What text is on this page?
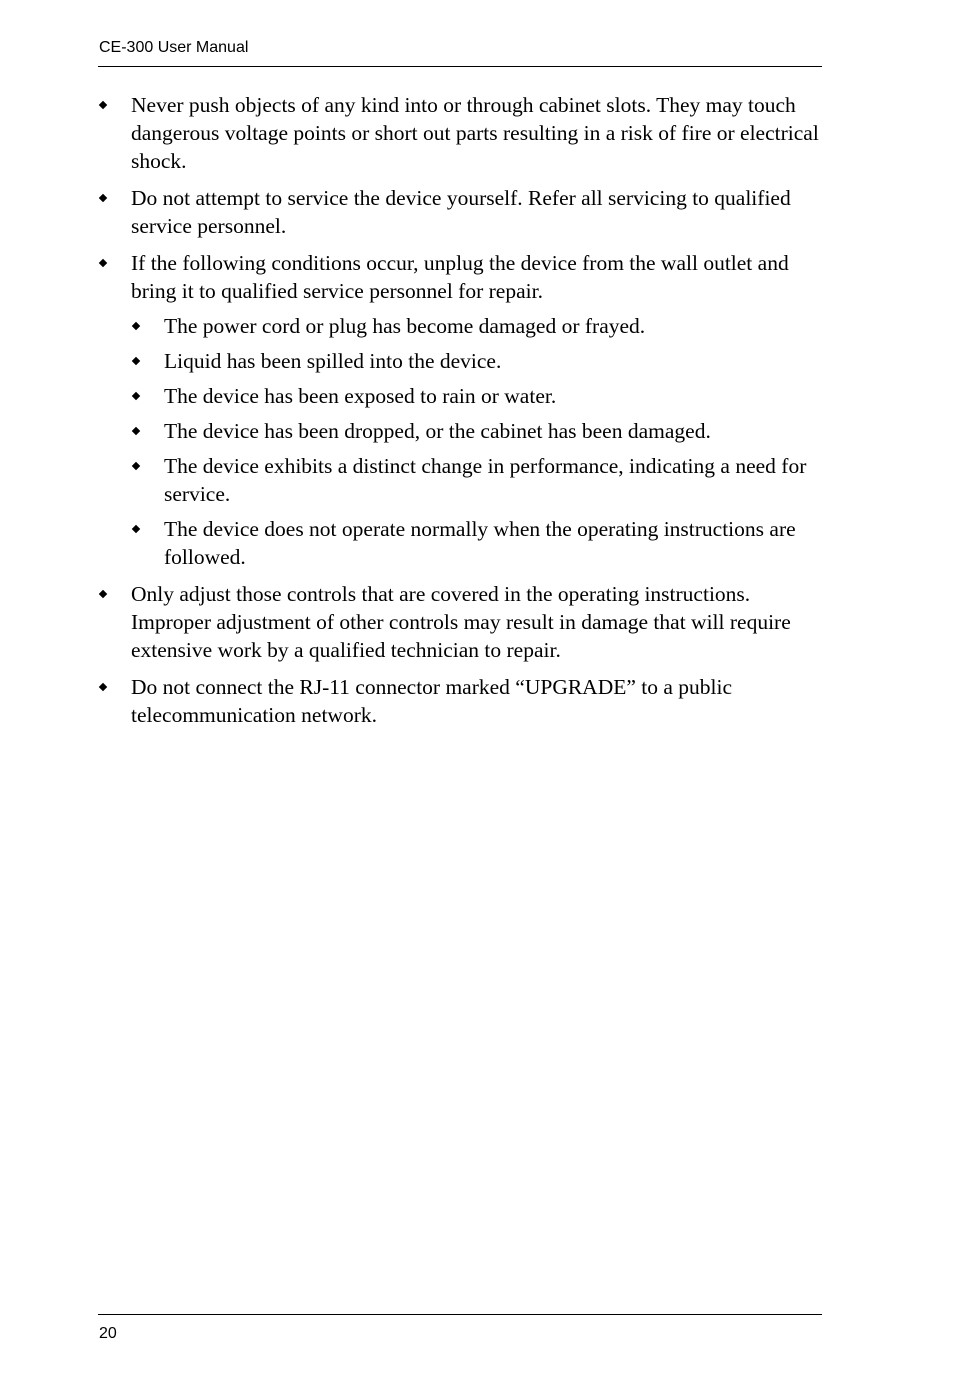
CE-300 User Manual
Never push objects of any kind into or through cabinet slots. They may touch dangerous voltage points or short out parts resulting in a risk of fire or electrical shock.
Do not attempt to service the device yourself. Refer all servicing to qualified service personnel.
If the following conditions occur, unplug the device from the wall outlet and bring it to qualified service personnel for repair.
The power cord or plug has become damaged or frayed.
Liquid has been spilled into the device.
The device has been exposed to rain or water.
The device has been dropped, or the cabinet has been damaged.
The device exhibits a distinct change in performance, indicating a need for service.
The device does not operate normally when the operating instructions are followed.
Only adjust those controls that are covered in the operating instructions. Improper adjustment of other controls may result in damage that will require extensive work by a qualified technician to repair.
Do not connect the RJ-11 connector marked “UPGRADE” to a public telecommunication network.
20
